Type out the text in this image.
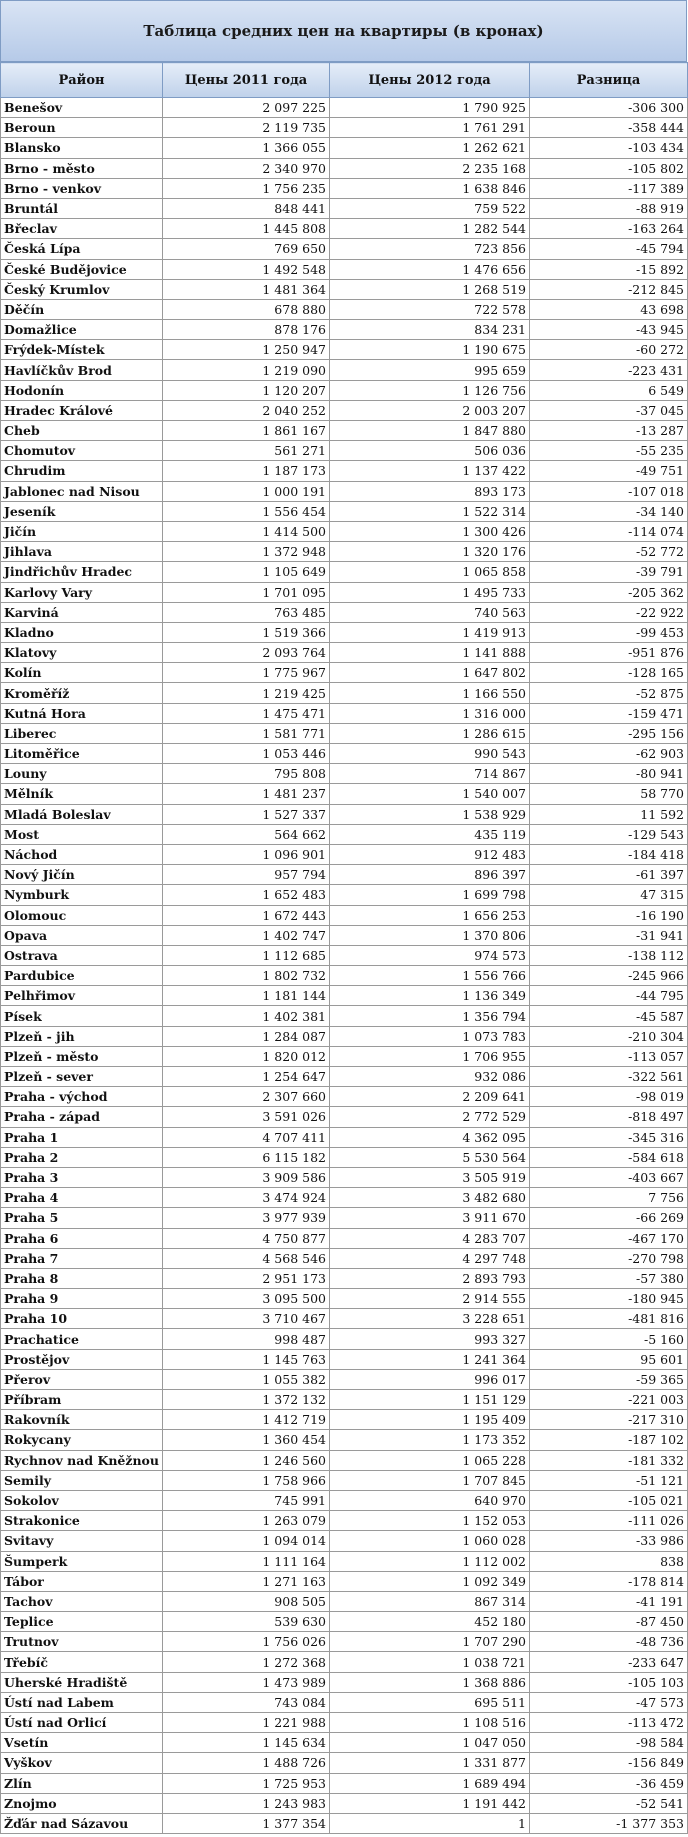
Таблица средних цен на квартиры (в кронах)
Район	Цены 2011 года	Цены 2012 года	Разница
Benešov	2 097 225	1 790 925	-306 300
Beroun	2 119 735	1 761 291	-358 444
Blansko	1 366 055	1 262 621	-103 434
Brno - město	2 340 970	2 235 168	-105 802
Brno - venkov	1 756 235	1 638 846	-117 389
Bruntál	848 441	759 522	-88 919
Břeclav	1 445 808	1 282 544	-163 264
Česká Lípa	769 650	723 856	-45 794
České Budějovice	1 492 548	1 476 656	-15 892
Český Krumlov	1 481 364	1 268 519	-212 845
Děčín	678 880	722 578	43 698
Domažlice	878 176	834 231	-43 945
Frýdek-Místek	1 250 947	1 190 675	-60 272
Havlíčkův Brod	1 219 090	995 659	-223 431
Hodonín	1 120 207	1 126 756	6 549
Hradec Králové	2 040 252	2 003 207	-37 045
Cheb	1 861 167	1 847 880	-13 287
Chomutov	561 271	506 036	-55 235
Chrudim	1 187 173	1 137 422	-49 751
Jablonec nad Nisou	1 000 191	893 173	-107 018
Jeseník	1 556 454	1 522 314	-34 140
Jičín	1 414 500	1 300 426	-114 074
Jihlava	1 372 948	1 320 176	-52 772
Jindřichův Hradec	1 105 649	1 065 858	-39 791
Karlovy Vary	1 701 095	1 495 733	-205 362
Karviná	763 485	740 563	-22 922
Kladno	1 519 366	1 419 913	-99 453
Klatovy	2 093 764	1 141 888	-951 876
Kolín	1 775 967	1 647 802	-128 165
Kroměříž	1 219 425	1 166 550	-52 875
Kutná Hora	1 475 471	1 316 000	-159 471
Liberec	1 581 771	1 286 615	-295 156
Litoměřice	1 053 446	990 543	-62 903
Louny	795 808	714 867	-80 941
Mělník	1 481 237	1 540 007	58 770
Mladá Boleslav	1 527 337	1 538 929	11 592
Most	564 662	435 119	-129 543
Náchod	1 096 901	912 483	-184 418
Nový Jičín	957 794	896 397	-61 397
Nymburk	1 652 483	1 699 798	47 315
Olomouc	1 672 443	1 656 253	-16 190
Opava	1 402 747	1 370 806	-31 941
Ostrava	1 112 685	974 573	-138 112
Pardubice	1 802 732	1 556 766	-245 966
Pelhřimov	1 181 144	1 136 349	-44 795
Písek	1 402 381	1 356 794	-45 587
Plzeň - jih	1 284 087	1 073 783	-210 304
Plzeň - město	1 820 012	1 706 955	-113 057
Plzeň - sever	1 254 647	932 086	-322 561
Praha - východ	2 307 660	2 209 641	-98 019
Praha - západ	3 591 026	2 772 529	-818 497
Praha 1	4 707 411	4 362 095	-345 316
Praha 2	6 115 182	5 530 564	-584 618
Praha 3	3 909 586	3 505 919	-403 667
Praha 4	3 474 924	3 482 680	7 756
Praha 5	3 977 939	3 911 670	-66 269
Praha 6	4 750 877	4 283 707	-467 170
Praha 7	4 568 546	4 297 748	-270 798
Praha 8	2 951 173	2 893 793	-57 380
Praha 9	3 095 500	2 914 555	-180 945
Praha 10	3 710 467	3 228 651	-481 816
Prachatice	998 487	993 327	-5 160
Prostějov	1 145 763	1 241 364	95 601
Přerov	1 055 382	996 017	-59 365
Příbram	1 372 132	1 151 129	-221 003
Rakovník	1 412 719	1 195 409	-217 310
Rokycany	1 360 454	1 173 352	-187 102
Rychnov nad Kněžnou	1 246 560	1 065 228	-181 332
Semily	1 758 966	1 707 845	-51 121
Sokolov	745 991	640 970	-105 021
Strakonice	1 263 079	1 152 053	-111 026
Svitavy	1 094 014	1 060 028	-33 986
Šumperk	1 111 164	1 112 002	838
Tábor	1 271 163	1 092 349	-178 814
Tachov	908 505	867 314	-41 191
Teplice	539 630	452 180	-87 450
Trutnov	1 756 026	1 707 290	-48 736
Třebíč	1 272 368	1 038 721	-233 647
Uherské Hradiště	1 473 989	1 368 886	-105 103
Ústí nad Labem	743 084	695 511	-47 573
Ústí nad Orlicí	1 221 988	1 108 516	-113 472
Vsetín	1 145 634	1 047 050	-98 584
Vyškov	1 488 726	1 331 877	-156 849
Zlín	1 725 953	1 689 494	-36 459
Znojmo	1 243 983	1 191 442	-52 541
Žďár nad Sázavou	1 377 354	1	-1 377 353
